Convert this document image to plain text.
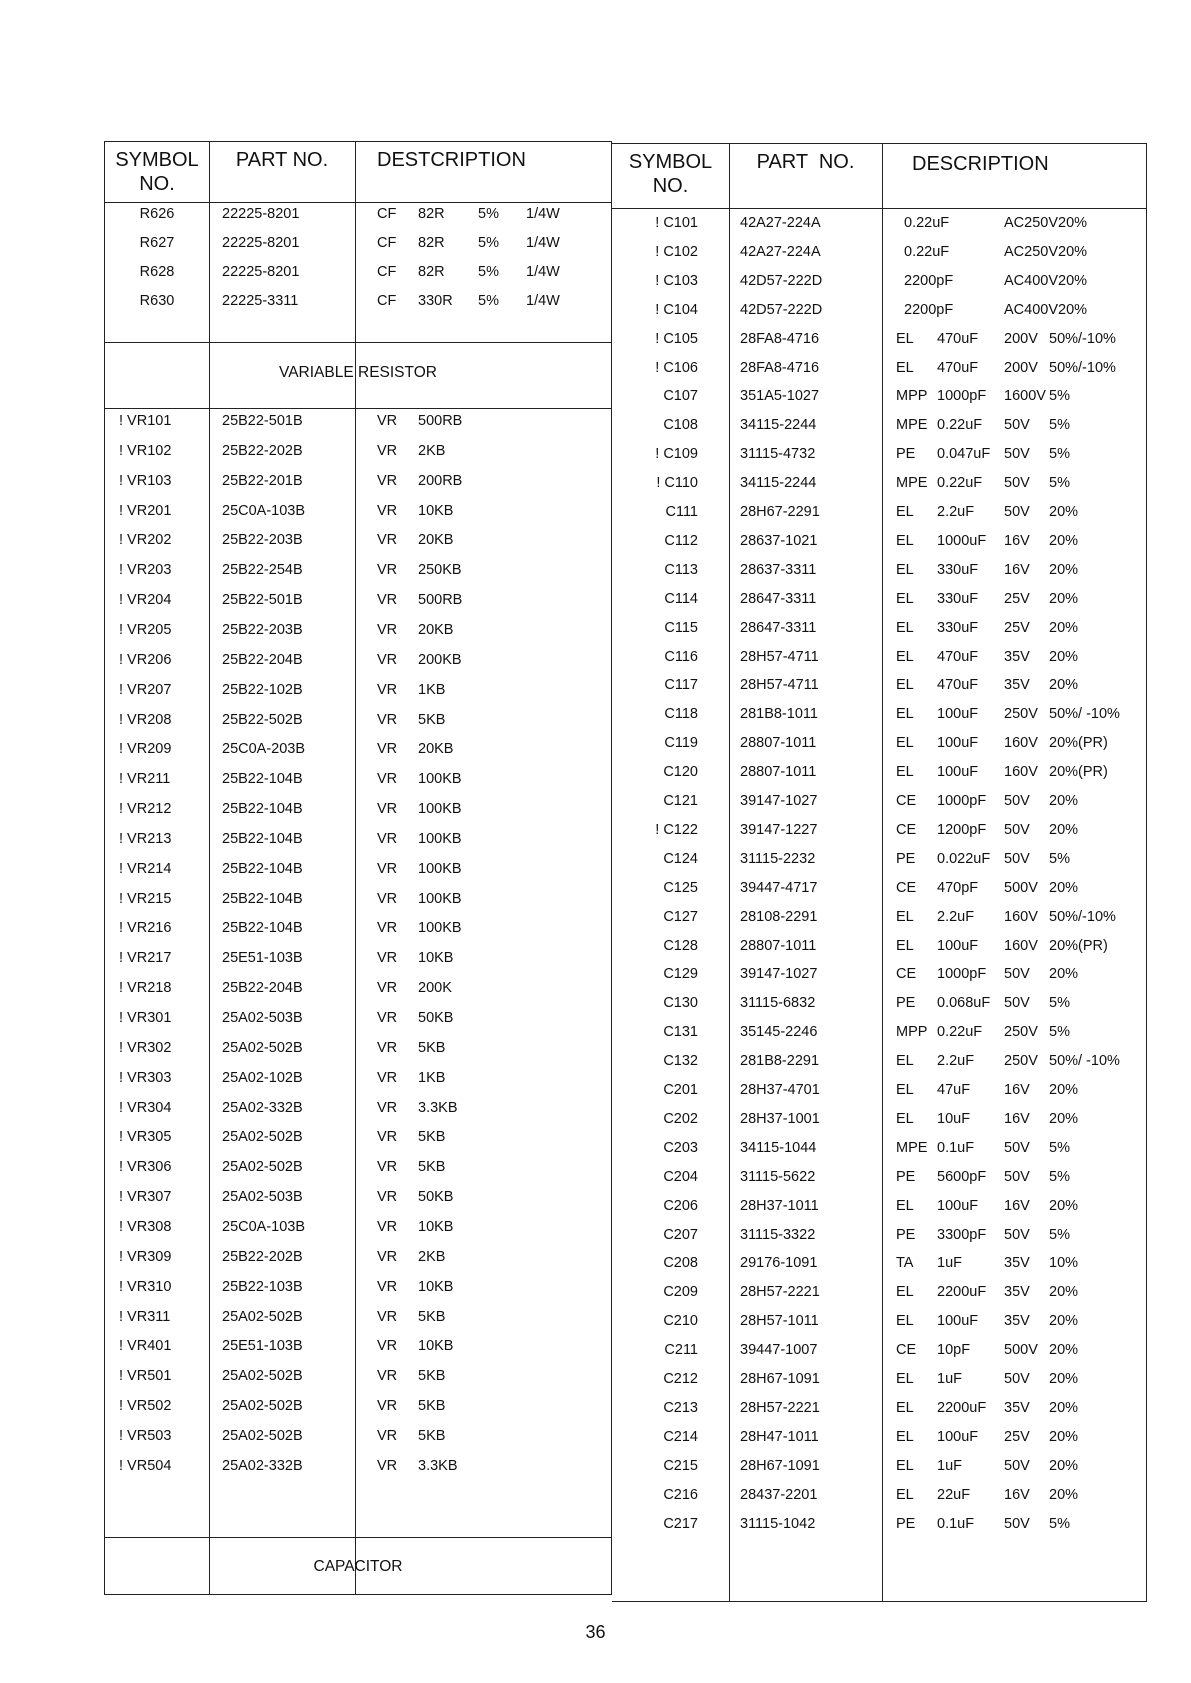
SYMBOL
NO.
PART NO.	DESTCRIPTION
R626	22225-8201	CF 82R 5% 1/4W
R627	22225-8201	CF 82R 5% 1/4W
R628	22225-8201	CF 82R 5% 1/4W
R630	22225-3311	CF 330R 5% 1/4W
! VR101	25B22-501B	VR 500RB
! VR102	25B22-202B	VR 2KB
! VR103	25B22-201B	VR 200RB
! VR201	25C0A-103B	VR 10KB
! VR202	25B22-203B	VR 20KB
! VR203	25B22-254B	VR 250KB
! VR204	25B22-501B	VR 500RB
! VR205	25B22-203B	VR 20KB
! VR206	25B22-204B	VR 200KB
! VR207	25B22-102B	VR 1KB
! VR208	25B22-502B	VR 5KB
! VR209	25C0A-203B	VR 20KB
! VR211	25B22-104B	VR 100KB
! VR212	25B22-104B	VR 100KB
! VR213	25B22-104B	VR 100KB
! VR214	25B22-104B	VR 100KB
! VR215	25B22-104B	VR 100KB
! VR216	25B22-104B	VR 100KB
! VR217	25E51-103B	VR 10KB
! VR218	25B22-204B	VR 200K
! VR301	25A02-503B	VR 50KB
! VR302	25A02-502B	VR 5KB
! VR303	25A02-102B	VR 1KB
! VR304	25A02-332B	VR 3.3KB
! VR305	25A02-502B	VR 5KB
! VR306	25A02-502B	VR 5KB
! VR307	25A02-503B	VR 50KB
! VR308	25C0A-103B	VR 10KB
! VR309	25B22-202B	VR 2KB
! VR310	25B22-103B	VR 10KB
! VR311	25A02-502B	VR 5KB
! VR401	25E51-103B	VR 10KB
! VR501	25A02-502B	VR 5KB
! VR502	25A02-502B	VR 5KB
! VR503	25A02-502B	VR 5KB
! VR504	25A02-332B	VR 3.3KB
VARIABLE RESISTOR
CAPACITOR
SYMBOL
NO.
PART  NO.	DESCRIPTION
! C101	42A27-224A	0.22uF	AC250V20%
! C102	42A27-224A	0.22uF	AC250V20%
! C103	42D57-222D	2200pF	AC400V20%
! C104	42D57-222D	2200pF	AC400V20%
! C105	28FA8-4716	EL 470uF 200V 50%/-10%
! C106	28FA8-4716	EL 470uF 200V 50%/-10%
C107	351A5-1027	MPP 1000pF 1600V 5%
C108	34115-2244	MPE 0.22uF 50V 5%
! C109	31115-4732	PE 0.047uF 50V 5%
! C110	34115-2244	MPE 0.22uF 50V 5%
C111	28H67-2291	EL 2.2uF 50V 20%
C112	28637-1021	EL 1000uF 16V 20%
C113	28637-3311	EL 330uF 16V 20%
C114	28647-3311	EL 330uF 25V 20%
C115	28647-3311	EL 330uF 25V 20%
C116	28H57-4711	EL 470uF 35V 20%
C117	28H57-4711	EL 470uF 35V 20%
C118	281B8-1011	EL 100uF 250V 50%/ -10%
C119	28807-1011	EL 100uF 160V 20%(PR)
C120	28807-1011	EL 100uF 160V 20%(PR)
C121	39147-1027	CE 1000pF 50V 20%
! C122	39147-1227	CE 1200pF 50V 20%
C124	31115-2232	PE 0.022uF 50V 5%
C125	39447-4717	CE 470pF 500V 20%
C127	28108-2291	EL 2.2uF 160V 50%/-10%
C128	28807-1011	EL 100uF 160V 20%(PR)
C129	39147-1027	CE 1000pF 50V 20%
C130	31115-6832	PE 0.068uF 50V 5%
C131	35145-2246	MPP 0.22uF 250V 5%
C132	281B8-2291	EL 2.2uF 250V 50%/ -10%
C201	28H37-4701	EL 47uF 16V 20%
C202	28H37-1001	EL 10uF 16V 20%
C203	34115-1044	MPE 0.1uF 50V 5%
C204	31115-5622	PE 5600pF 50V 5%
C206	28H37-1011	EL 100uF 16V 20%
C207	31115-3322	PE 3300pF 50V 5%
C208	29176-1091	TA 1uF	35V 10%
C209	28H57-2221	EL 2200uF 35V 20%
C210	28H57-1011	EL 100uF 35V 20%
C211	39447-1007	CE 10pF 500V 20%
C212	28H67-1091	EL 1uF	50V 20%
C213	28H57-2221	EL 2200uF 35V 20%
C214	28H47-1011	EL 100uF 25V 20%
C215	28H67-1091	EL 1uF	50V 20%
C216	28437-2201	EL 22uF 16V 20%
C217	31115-1042	PE 0.1uF 50V 5%
36
